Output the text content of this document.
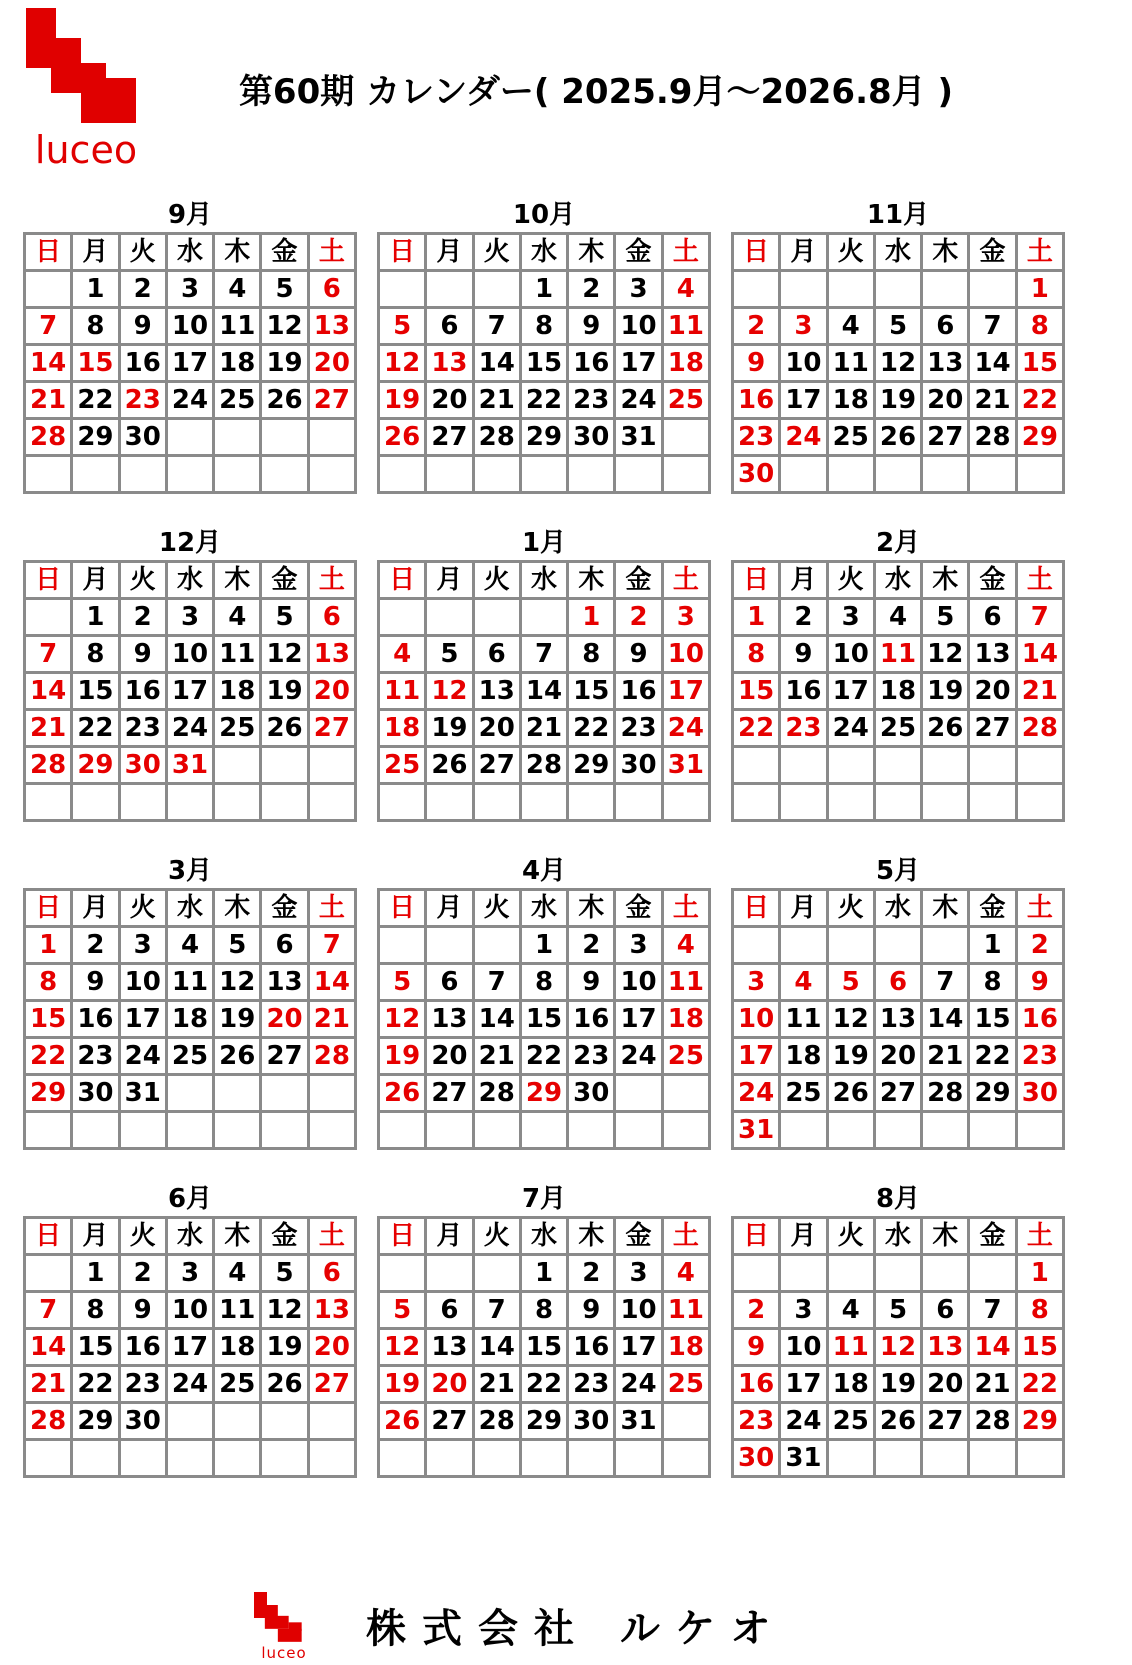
luceo
第60期 カレンダー( 2025.9月～2026.8月 )
9月
日	月	火	水	木	金	土
	1	2	3	4	5	6
7	8	9	10	11	12	13
14	15	16	17	18	19	20
21	22	23	24	25	26	27
28	29	30				

10月
日	月	火	水	木	金	土
			1	2	3	4
5	6	7	8	9	10	11
12	13	14	15	16	17	18
19	20	21	22	23	24	25
26	27	28	29	30	31	

11月
日	月	火	水	木	金	土
						1
2	3	4	5	6	7	8
9	10	11	12	13	14	15
16	17	18	19	20	21	22
23	24	25	26	27	28	29
30						
12月
日	月	火	水	木	金	土
	1	2	3	4	5	6
7	8	9	10	11	12	13
14	15	16	17	18	19	20
21	22	23	24	25	26	27
28	29	30	31			

1月
日	月	火	水	木	金	土
				1	2	3
4	5	6	7	8	9	10
11	12	13	14	15	16	17
18	19	20	21	22	23	24
25	26	27	28	29	30	31

2月
日	月	火	水	木	金	土
1	2	3	4	5	6	7
8	9	10	11	12	13	14
15	16	17	18	19	20	21
22	23	24	25	26	27	28

3月
日	月	火	水	木	金	土
1	2	3	4	5	6	7
8	9	10	11	12	13	14
15	16	17	18	19	20	21
22	23	24	25	26	27	28
29	30	31				

4月
日	月	火	水	木	金	土
			1	2	3	4
5	6	7	8	9	10	11
12	13	14	15	16	17	18
19	20	21	22	23	24	25
26	27	28	29	30		

5月
日	月	火	水	木	金	土
					1	2
3	4	5	6	7	8	9
10	11	12	13	14	15	16
17	18	19	20	21	22	23
24	25	26	27	28	29	30
31						
6月
日	月	火	水	木	金	土
	1	2	3	4	5	6
7	8	9	10	11	12	13
14	15	16	17	18	19	20
21	22	23	24	25	26	27
28	29	30				

7月
日	月	火	水	木	金	土
			1	2	3	4
5	6	7	8	9	10	11
12	13	14	15	16	17	18
19	20	21	22	23	24	25
26	27	28	29	30	31	

8月
日	月	火	水	木	金	土
						1
2	3	4	5	6	7	8
9	10	11	12	13	14	15
16	17	18	19	20	21	22
23	24	25	26	27	28	29
30	31					
luceo
株式会社 ルケオ
